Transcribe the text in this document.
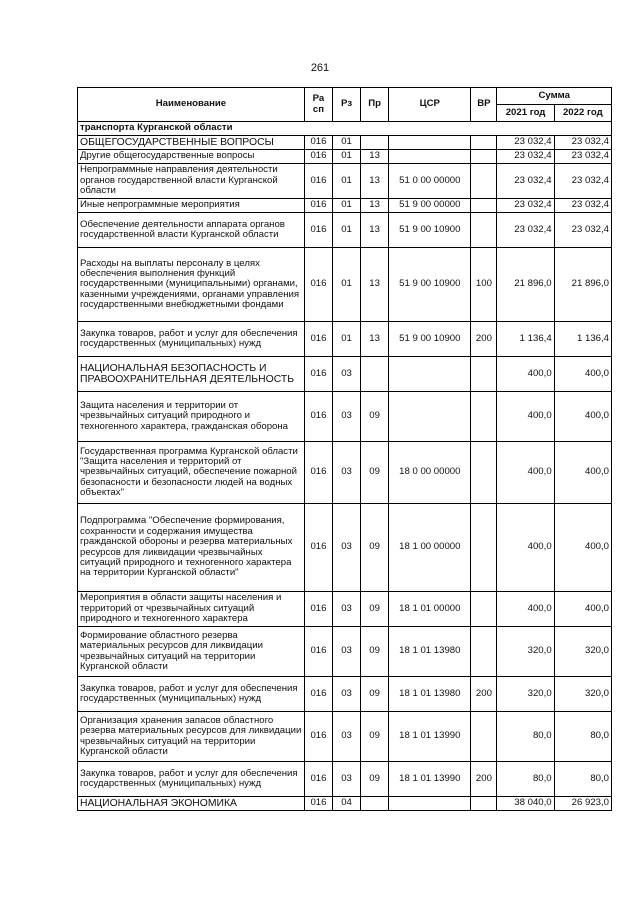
261
Наименование	Ра сп	Рз	Пр	ЦСР	ВР	Сумма	
						2021 год	2022 год
транспорта Курганской области							
ОБЩЕГОСУДАРСТВЕННЫЕ ВОПРОСЫ	016	01				23 032,4	23 032,4
Другие общегосударственные вопросы	016	01	13			23 032,4	23 032,4
Непрограммные направления деятельности органов государственной власти Курганской области	016	01	13	51 0 00 00000		23 032,4	23 032,4
Иные непрограммные мероприятия	016	01	13	51 9 00 00000		23 032,4	23 032,4
Обеспечение деятельности аппарата органов государственной власти Курганской области	016	01	13	51 9 00 10900		23 032,4	23 032,4
Расходы на выплаты персоналу в целях обеспечения выполнения функций государственными (муниципальными) органами, казенными учреждениями, органами управления государственными внебюджетными фондами	016	01	13	51 9 00 10900	100	21 896,0	21 896,0
Закупка товаров, работ и услуг для обеспечения государственных (муниципальных) нужд	016	01	13	51 9 00 10900	200	1 136,4	1 136,4
НАЦИОНАЛЬНАЯ БЕЗОПАСНОСТЬ И ПРАВООХРАНИТЕЛЬНАЯ ДЕЯТЕЛЬНОСТЬ	016	03				400,0	400,0
Защита населения и территории от чрезвычайных ситуаций природного и техногенного характера, гражданская оборона	016	03	09			400,0	400,0
Государственная программа Курганской области "Защита населения и территорий от чрезвычайных ситуаций, обеспечение пожарной безопасности и безопасности людей на водных объектах"	016	03	09	18 0 00 00000		400,0	400,0
Подпрограмма "Обеспечение формирования, сохранности и содержания имущества гражданской обороны и резерва материальных ресурсов для ликвидации чрезвычайных ситуаций природного и техногенного характера на территории Курганской области"	016	03	09	18 1 00 00000		400,0	400,0
Мероприятия в области защиты населения и территорий от чрезвычайных ситуаций природного и техногенного характера	016	03	09	18 1 01 00000		400,0	400,0
Формирование областного резерва материальных ресурсов для ликвидации чрезвычайных ситуаций на территории Курганской области	016	03	09	18 1 01 13980		320,0	320,0
Закупка товаров, работ и услуг для обеспечения государственных (муниципальных) нужд	016	03	09	18 1 01 13980	200	320,0	320,0
Организация хранения запасов областного резерва материальных ресурсов для ликвидации чрезвычайных ситуаций на территории Курганской области	016	03	09	18 1 01 13990		80,0	80,0
Закупка товаров, работ и услуг для обеспечения государственных (муниципальных) нужд	016	03	09	18 1 01 13990	200	80,0	80,0
НАЦИОНАЛЬНАЯ ЭКОНОМИКА	016	04				38 040,0	26 923,0
